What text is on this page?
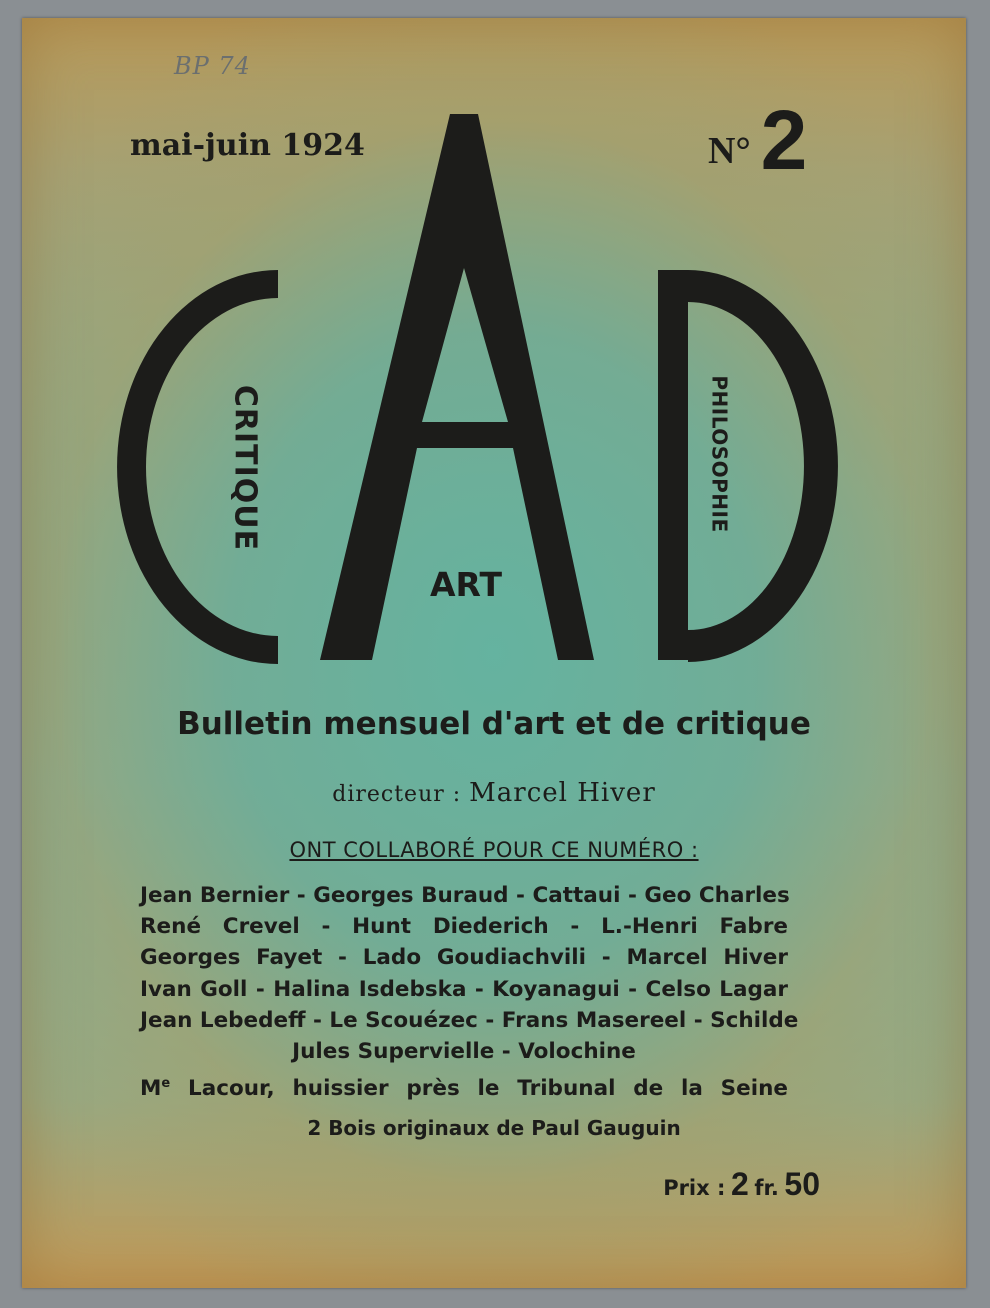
BP 74
mai-juin 1924	N° 2
CRITIQUE
ART
PHILOSOPHIE
Bulletin mensuel d'art et de critique
directeur : Marcel Hiver
ONT COLLABORÉ POUR CE NUMÉRO :
Jean Bernier - Georges Buraud - Cattaui - Geo Charles
René Crevel - Hunt Diederich - L.-Henri Fabre
Georges Fayet - Lado Goudiachvili - Marcel Hiver
Ivan Goll - Halina Isdebska - Koyanagui - Celso Lagar
Jean Lebedeff - Le Scouézec - Frans Masereel - Schilde
Jules Supervielle - Volochine
Me Lacour, huissier près le Tribunal de la Seine
2 Bois originaux de Paul Gauguin
Prix : 2 fr. 50
